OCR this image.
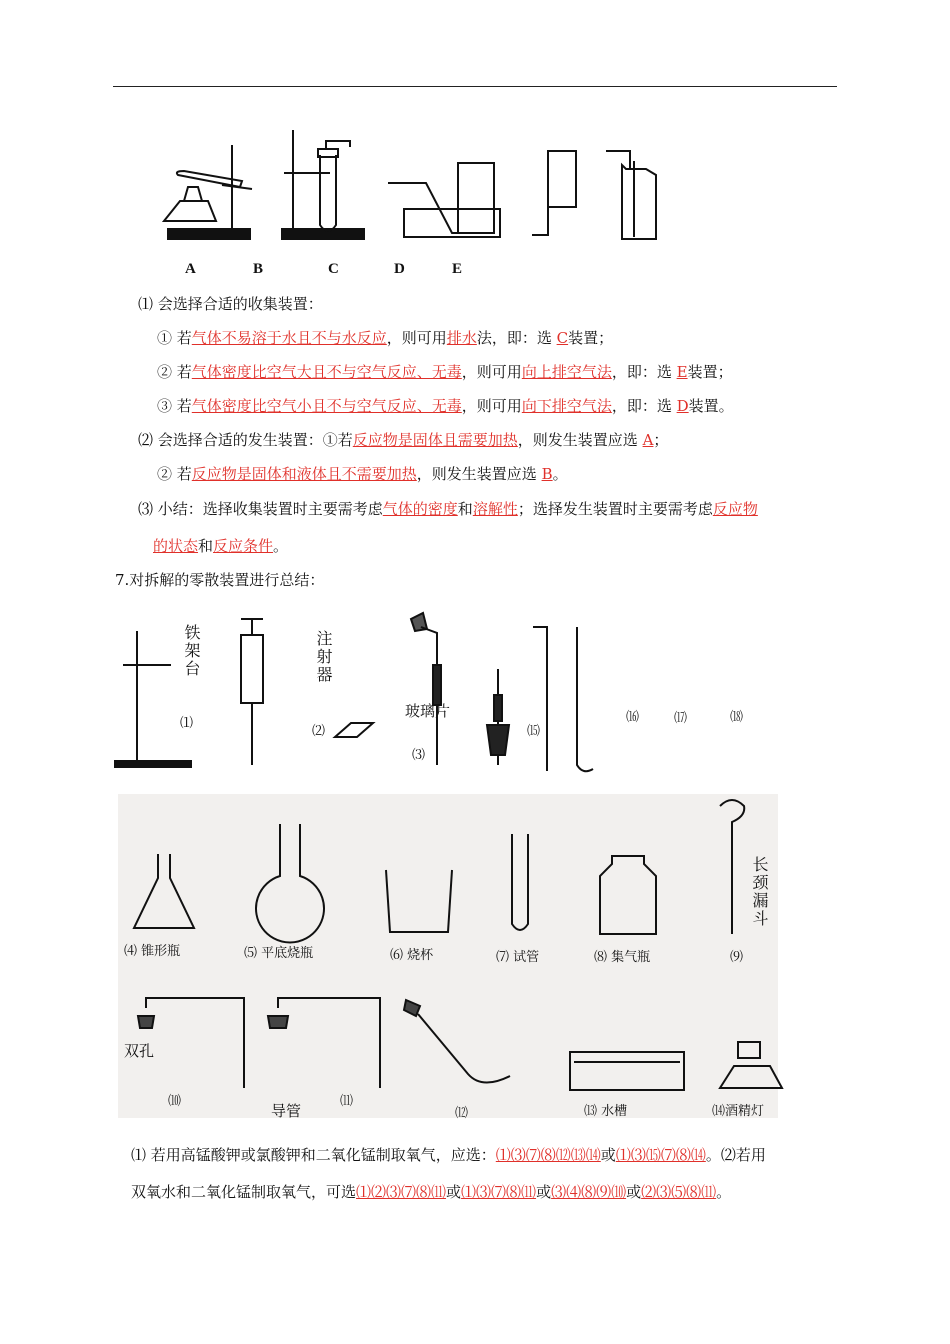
A	B	C	D	E
⑴ 会选择合适的收集装置：
① 若气体不易溶于水且不与水反应，则可用排水法，即：选 C装置；
② 若气体密度比空气大且不与空气反应、无毒，则可用向上排空气法，即：选 E装置；
③ 若气体密度比空气小且不与空气反应、无毒，则可用向下排空气法，即：选 D装置。
⑵ 会选择合适的发生装置：①若反应物是固体且需要加热，则发生装置应选 A；
② 若反应物是固体和液体且不需要加热，则发生装置应选 B。
⑶ 小结：选择收集装置时主要需考虑气体的密度和溶解性；选择发生装置时主要需考虑反应物
的状态和反应条件。
7.对拆解的零散装置进行总结：
铁架台
⑴
注射器
⑵
玻璃片
⑶
⒂
⒃	⒄	⒅
⑷ 锥形瓶	⑸ 平底烧瓶	⑹ 烧杯	⑺ 试管	⑻ 集气瓶
长颈漏斗
⑼
双孔
⑽
导管
⑾
⑿	⒀ 水槽	⒁酒精灯
⑴ 若用高锰酸钾或氯酸钾和二氧化锰制取氧气，应选：⑴⑶⑺⑻⑿⒀⒁或⑴⑶⒂⑺⑻⒁。⑵若用
双氧水和二氧化锰制取氧气，可选⑴⑵⑶⑺⑻⑾或⑴⑶⑺⑻⑾或⑶⑷⑻⑼⑽或⑵⑶⑸⑻⑾。
